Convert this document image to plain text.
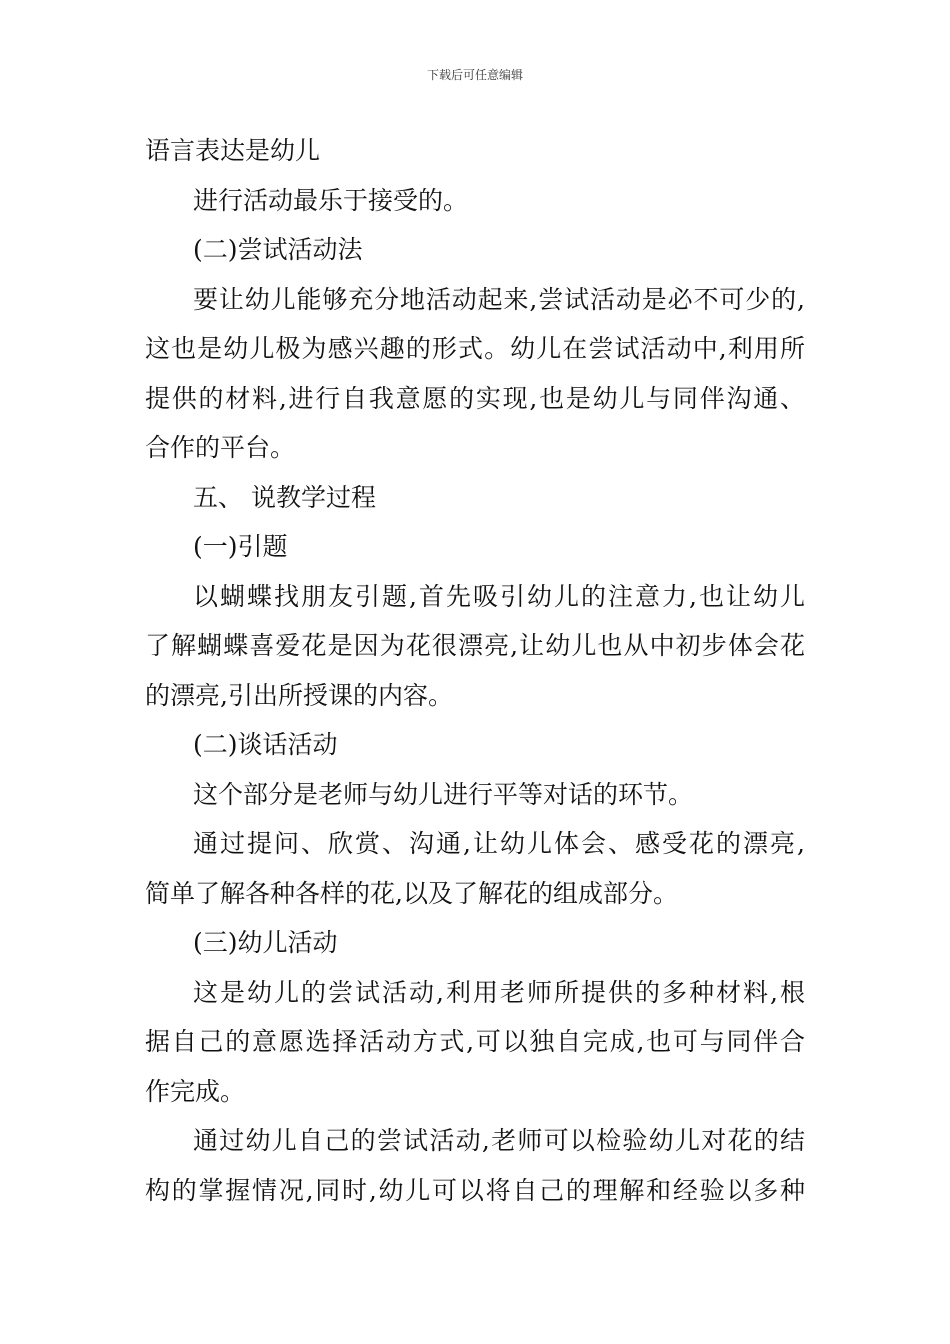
下载后可任意编辑
语言表达是幼儿
进行活动最乐于接受的。
(二)尝试活动法
要让幼儿能够充分地活动起来,尝试活动是必不可少的,
这也是幼儿极为感兴趣的形式。幼儿在尝试活动中,利用所
提供的材料,进行自我意愿的实现,也是幼儿与同伴沟通、
合作的平台。
五、 说教学过程
(一)引题
以蝴蝶找朋友引题,首先吸引幼儿的注意力,也让幼儿
了解蝴蝶喜爱花是因为花很漂亮,让幼儿也从中初步体会花
的漂亮,引出所授课的内容。
(二)谈话活动
这个部分是老师与幼儿进行平等对话的环节。
通过提问、欣赏、沟通,让幼儿体会、感受花的漂亮,
简单了解各种各样的花,以及了解花的组成部分。
(三)幼儿活动
这是幼儿的尝试活动,利用老师所提供的多种材料,根
据自己的意愿选择活动方式,可以独自完成,也可与同伴合
作完成。
通过幼儿自己的尝试活动,老师可以检验幼儿对花的结
构的掌握情况,同时,幼儿可以将自己的理解和经验以多种
